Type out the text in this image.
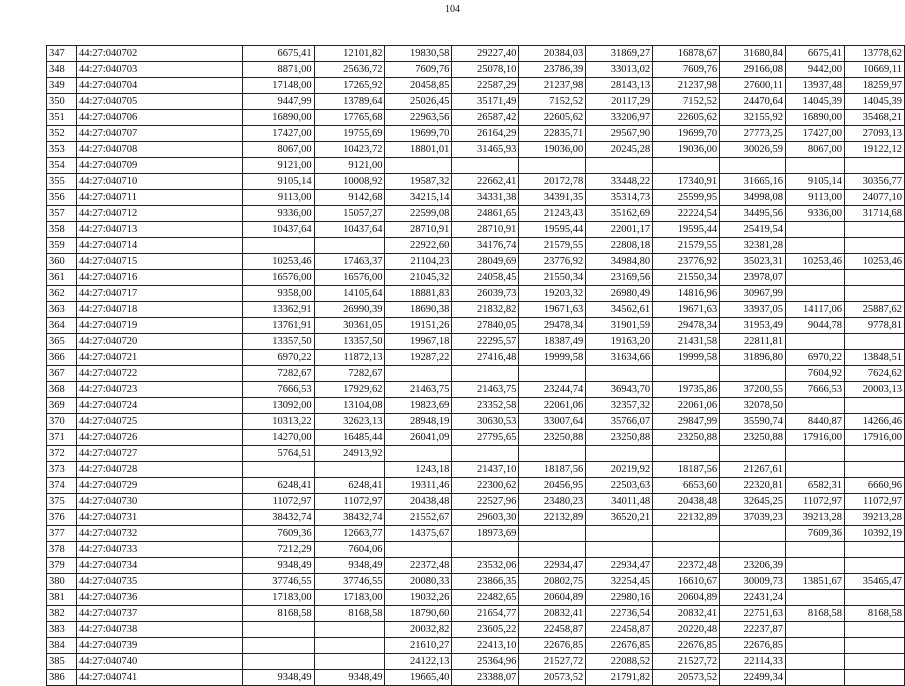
104
347	44:27:040702	6675,41	12101,82	19830,58	29227,40	20384,03	31869,27	16878,67	31680,84	6675,41	13778,62
348	44:27:040703	8871,00	25636,72	7609,76	25078,10	23786,39	33013,02	7609,76	29166,08	9442,00	10669,11
349	44:27:040704	17148,00	17265,92	20458,85	22587,29	21237,98	28143,13	21237,98	27600,11	13937,48	18259,97
350	44:27:040705	9447,99	13789,64	25026,45	35171,49	7152,52	20117,29	7152,52	24470,64	14045,39	14045,39
351	44:27:040706	16890,00	17765,68	22963,56	26587,42	22605,62	33206,97	22605,62	32155,92	16890,00	35468,21
352	44:27:040707	17427,00	19755,69	19699,70	26164,29	22835,71	29567,90	19699,70	27773,25	17427,00	27093,13
353	44:27:040708	8067,00	10423,72	18801,01	31465,93	19036,00	20245,28	19036,00	30026,59	8067,00	19122,12
354	44:27:040709	9121,00	9121,00								
355	44:27:040710	9105,14	10008,92	19587,32	22662,41	20172,78	33448,22	17340,91	31665,16	9105,14	30356,77
356	44:27:040711	9113,00	9142,68	34215,14	34331,38	34391,35	35314,73	25599,95	34998,08	9113,00	24077,10
357	44:27:040712	9336,00	15057,27	22599,08	24861,65	21243,43	35162,69	22224,54	34495,56	9336,00	31714,68
358	44:27:040713	10437,64	10437,64	28710,91	28710,91	19595,44	22001,17	19595,44	25419,54		
359	44:27:040714			22922,60	34176,74	21579,55	22808,18	21579,55	32381,28		
360	44:27:040715	10253,46	17463,37	21104,23	28049,69	23776,92	34984,80	23776,92	35023,31	10253,46	10253,46
361	44:27:040716	16576,00	16576,00	21045,32	24058,45	21550,34	23169,56	21550,34	23978,07		
362	44:27:040717	9358,00	14105,64	18881,83	26039,73	19203,32	26980,49	14816,96	30967,99		
363	44:27:040718	13362,91	26990,39	18690,38	21832,82	19671,63	34562,61	19671,63	33937,05	14117,06	25887,62
364	44:27:040719	13761,91	30361,05	19151,26	27840,05	29478,34	31901,59	29478,34	31953,49	9044,78	9778,81
365	44:27:040720	13357,50	13357,50	19967,18	22295,57	18387,49	19163,20	21431,58	22811,81		
366	44:27:040721	6970,22	11872,13	19287,22	27416,48	19999,58	31634,66	19999,58	31896,80	6970,22	13848,51
367	44:27:040722	7282,67	7282,67							7604,92	7624,62
368	44:27:040723	7666,53	17929,62	21463,75	21463,75	23244,74	36943,70	19735,86	37200,55	7666,53	20003,13
369	44:27:040724	13092,00	13104,08	19823,69	23352,58	22061,06	32357,32	22061,06	32078,50		
370	44:27:040725	10313,22	32623,13	28948,19	30630,53	33007,64	35766,07	29847,99	35590,74	8440,87	14266,46
371	44:27:040726	14270,00	16485,44	26041,09	27795,65	23250,88	23250,88	23250,88	23250,88	17916,00	17916,00
372	44:27:040727	5764,51	24913,92								
373	44:27:040728			1243,18	21437,10	18187,56	20219,92	18187,56	21267,61		
374	44:27:040729	6248,41	6248,41	19311,46	22300,62	20456,95	22503,63	6653,60	22320,81	6582,31	6660,96
375	44:27:040730	11072,97	11072,97	20438,48	22527,96	23480,23	34011,48	20438,48	32645,25	11072,97	11072,97
376	44:27:040731	38432,74	38432,74	21552,67	29603,30	22132,89	36520,21	22132,89	37039,23	39213,28	39213,28
377	44:27:040732	7609,36	12663,77	14375,67	18973,69					7609,36	10392,19
378	44:27:040733	7212,29	7604,06								
379	44:27:040734	9348,49	9348,49	22372,48	23532,06	22934,47	22934,47	22372,48	23206,39		
380	44:27:040735	37746,55	37746,55	20080,33	23866,35	20802,75	32254,45	16610,67	30009,73	13851,67	35465,47
381	44:27:040736	17183,00	17183,00	19032,26	22482,65	20604,89	22980,16	20604,89	22431,24		
382	44:27:040737	8168,58	8168,58	18790,60	21654,77	20832,41	22736,54	20832,41	22751,63	8168,58	8168,58
383	44:27:040738			20032,82	23605,22	22458,87	22458,87	20220,48	22237,87		
384	44:27:040739			21610,27	22413,10	22676,85	22676,85	22676,85	22676,85		
385	44:27:040740			24122,13	25364,96	21527,72	22088,52	21527,72	22114,33		
386	44:27:040741	9348,49	9348,49	19665,40	23388,07	20573,52	21791,82	20573,52	22499,34		
